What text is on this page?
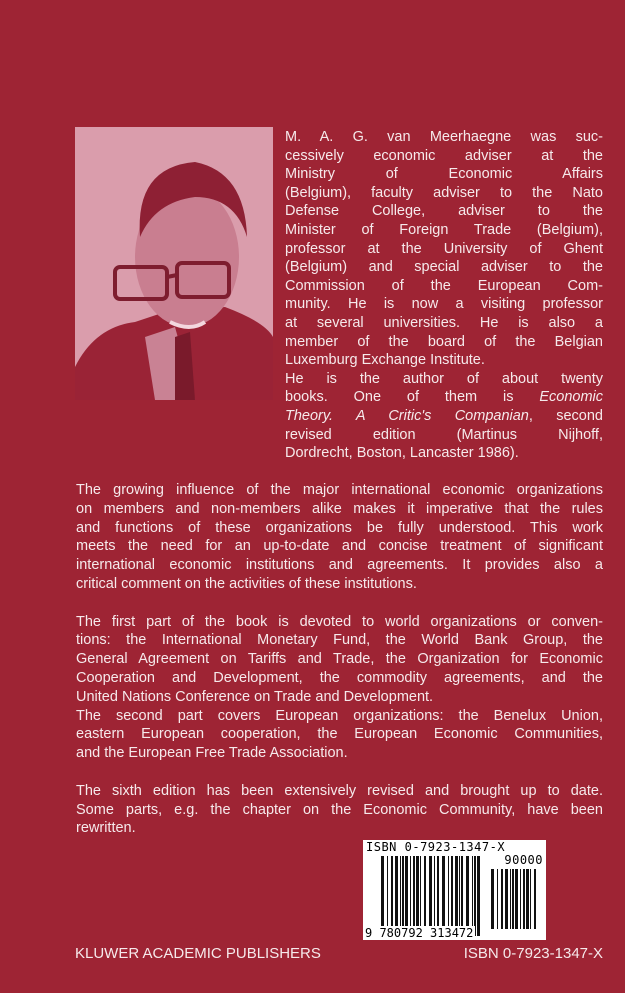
M. A. G. van Meerhaegne was suc-
cessively economic adviser at the
Ministry of Economic Affairs
(Belgium), faculty adviser to the Nato
Defense College, adviser to the
Minister of Foreign Trade (Belgium),
professor at the University of Ghent
(Belgium) and special adviser to the
Commission of the European Com-
munity. He is now a visiting professor
at several universities. He is also a
member of the board of the Belgian
Luxemburg Exchange Institute.
He is the author of about twenty
books. One of them is Economic
Theory. A Critic's Companian, second
revised edition (Martinus Nijhoff,
Dordrecht, Boston, Lancaster 1986).
The growing influence of the major international economic organizations
on members and non-members alike makes it imperative that the rules
and functions of these organizations be fully understood. This work
meets the need for an up-to-date and concise treatment of significant
international economic institutions and agreements. It provides also a
critical comment on the activities of these institutions.
The first part of the book is devoted to world organizations or conven-
tions: the International Monetary Fund, the World Bank Group, the
General Agreement on Tariffs and Trade, the Organization for Economic
Cooperation and Development, the commodity agreements, and the
United Nations Conference on Trade and Development.
The second part covers European organizations: the Benelux Union,
eastern European cooperation, the European Economic Communities,
and the European Free Trade Association.
The sixth edition has been extensively revised and brought up to date.
Some parts, e.g. the chapter on the Economic Community, have been
rewritten.
ISBN 0-7923-1347-X
90000
9 780792 313472
KLUWER ACADEMIC PUBLISHERS	ISBN 0-7923-1347-X
